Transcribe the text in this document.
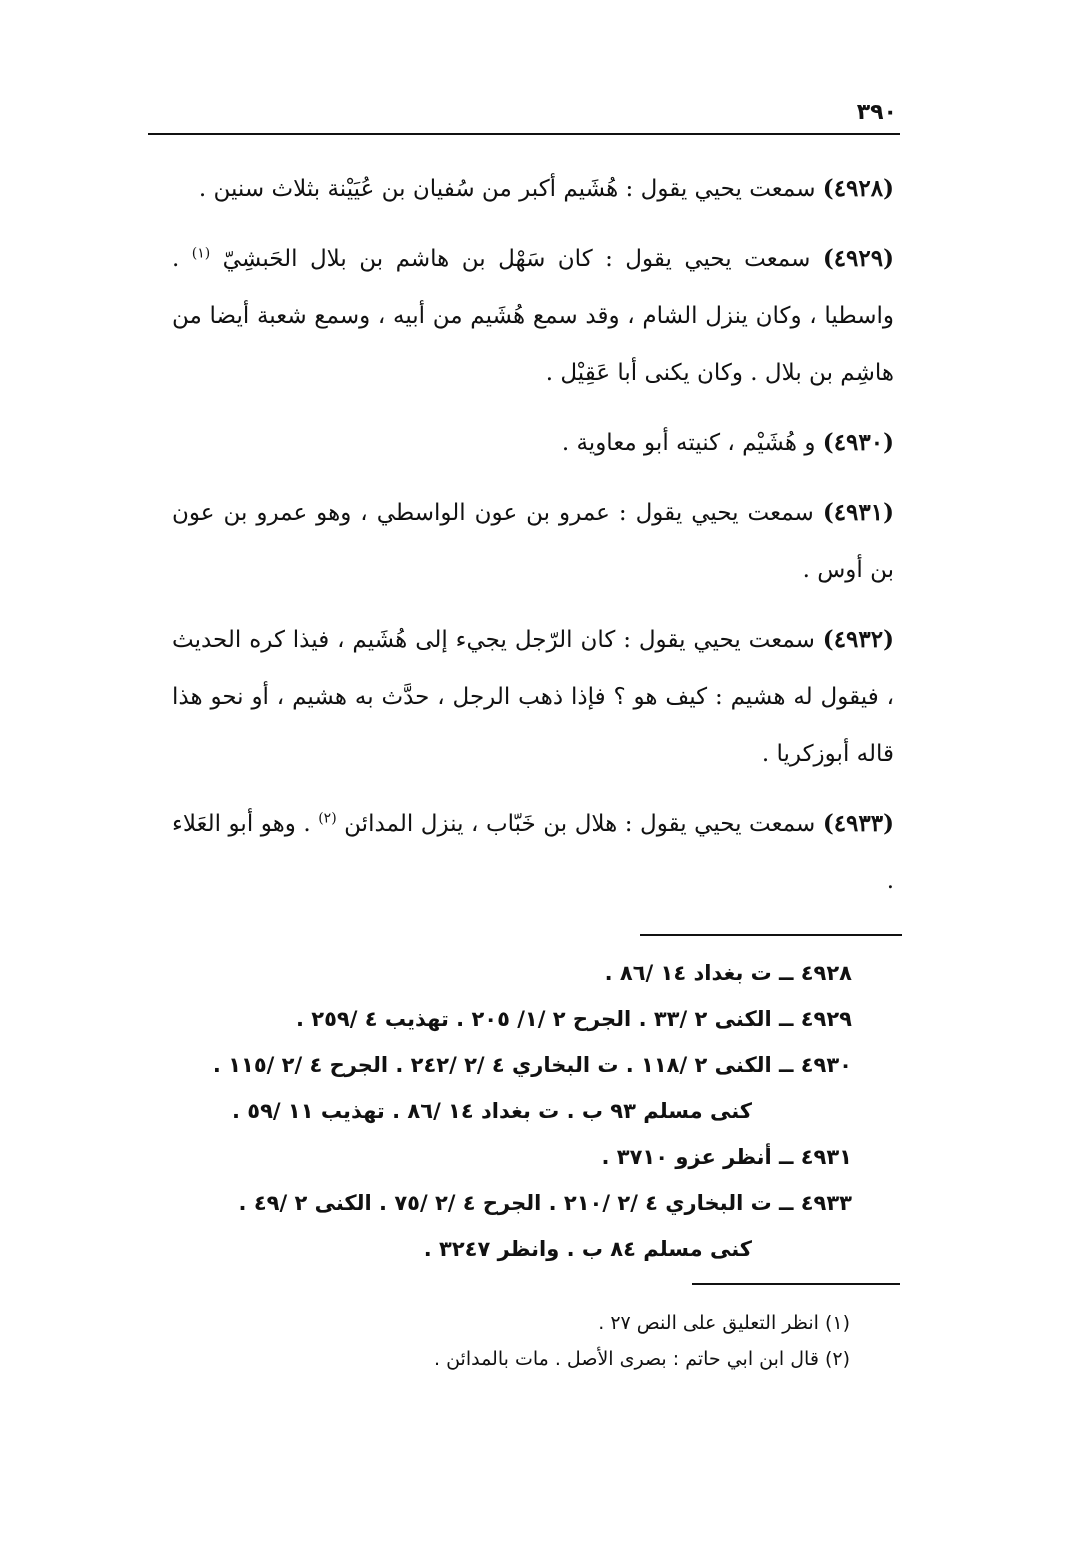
٣٩٠

(٤٩٢٨) سمعت يحيي يقول : هُشَيم أكبر من سُفيان بن عُيَيْنة بثلاث سنين .

(٤٩٢٩) سمعت يحيي يقول : كان سَهْل بن هاشم بن بلال الحَبشِيّ $^{(١)}$ . واسطيا ، وكان ينزل الشام ، وقد سمع هُشَيم من أبيه ، وسمع شعبة أيضا من هاشِم بن بلال . وكان يكنى أبا عَقِيْل .

(٤٩٣٠) و هُشَيْم ، كنيته أبو معاوية .

(٤٩٣١) سمعت يحيي يقول : عمرو بن عون الواسطي ، وهو عمرو بن عون بن أوس .

(٤٩٣٢) سمعت يحيي يقول : كان الرّجل يجيء إلى هُشَيم ، فيذا كره الحديث ، فيقول له هشيم : كيف هو ؟ فإذا ذهب الرجل ، حدَّث به هشيم ، أو نحو هذا قاله أبوزكريا .

(٤٩٣٣) سمعت يحيي يقول : هلال بن خَبّاب ، ينزل المدائن $^{(٢)}$ . وهو أبو العَلاء .

٤٩٢٨ ــ ت بغداد ١٤ /٨٦ .

٤٩٢٩ ــ الكنى ٢ /٣٣ . الجرح ٢ /١/ ٢٠٥ . تهذيب ٤ /٢٥٩ .

٤٩٣٠ ــ الكنى ٢ /١١٨ . ت البخاري ٤ /٢ /٢٤٢ . الجرح ٤ /٢ /١١٥ .

كنى مسلم ٩٣ ب . ت بغداد ١٤ /٨٦ . تهذيب ١١ /٥٩ .

٤٩٣١ ــ أنظر عزو ٣٧١٠ .

٤٩٣٣ ــ ت البخاري ٤ /٢ /٢١٠ . الجرح ٤ /٢ /٧٥ . الكنى ٢ /٤٩ .

كنى مسلم ٨٤ ب . وانظر ٣٢٤٧ .

(١) انظر التعليق على النص ٢٧ .

(٢) قال ابن ابي حاتم : بصرى الأصل . مات بالمدائن .
